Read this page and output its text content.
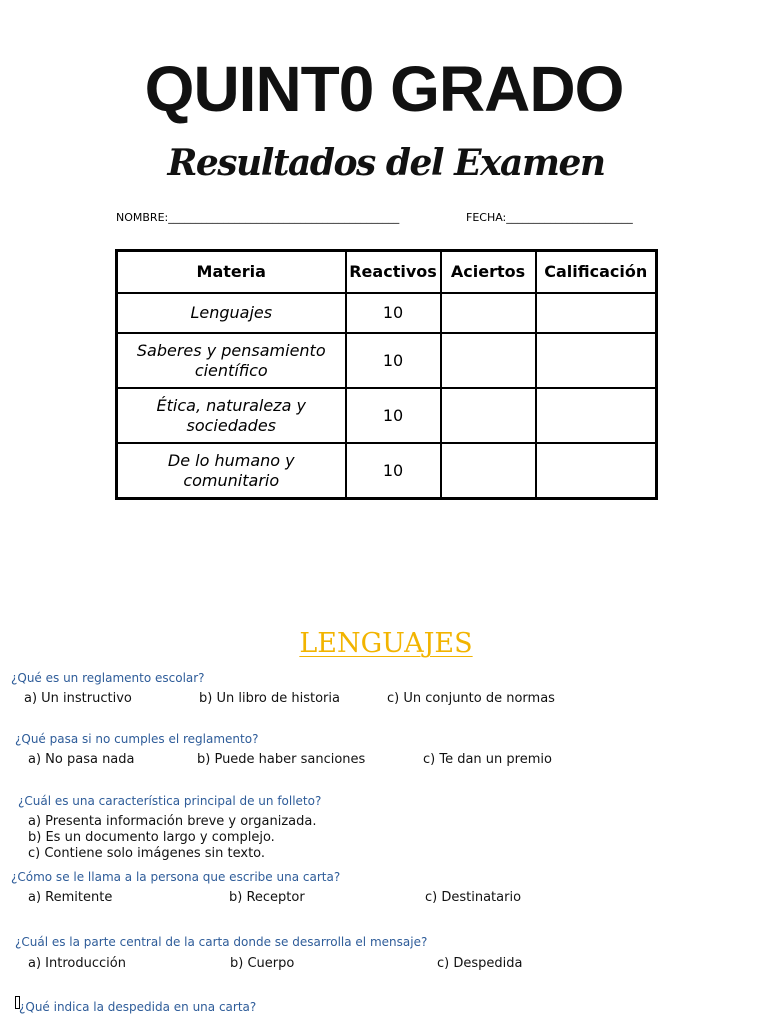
QUINT0 GRADO
Resultados del Examen
NOMBRE:__________________________________________	FECHA:_______________________
Materia	Reactivos	Aciertos	Calificación
Lenguajes	10		
Saberes y pensamiento científico	10		
Ética, naturaleza y sociedades	10		
De lo humano y comunitario	10		
LENGUAJES
¿Qué es un reglamento escolar?
a) Un instructivo	b) Un libro de historia	c) Un conjunto de normas
¿Qué pasa si no cumples el reglamento?
a) No pasa nada	b) Puede haber sanciones	c) Te dan un premio
¿Cuál es una característica principal de un folleto?
a) Presenta información breve y organizada.
b) Es un documento largo y complejo.
c) Contiene solo imágenes sin texto.
¿Cómo se le llama a la persona que escribe una carta?
a) Remitente	b) Receptor	c) Destinatario
¿Cuál es la parte central de la carta donde se desarrolla el mensaje?
a) Introducción	b) Cuerpo	c) Despedida
¿Qué indica la despedida en una carta?
